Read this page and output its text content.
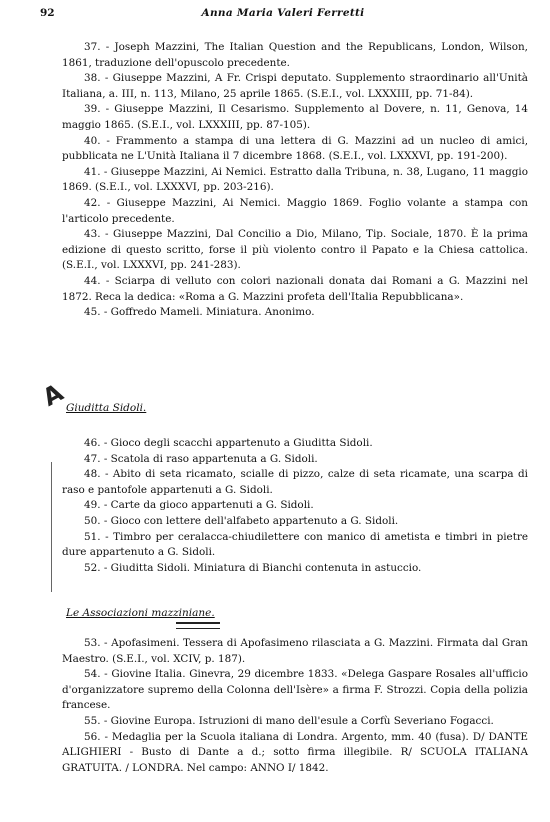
92	Anna Maria Valeri Ferretti

37. - Joseph Mazzini, The Italian Question and the Republicans, London, Wilson, 1861, traduzione dell'opuscolo precedente.

38. - Giuseppe Mazzini, A Fr. Crispi deputato. Supplemento straordinario all'Unità Italiana, a. III, n. 113, Milano, 25 aprile 1865. (S.E.I., vol. LXXXIII, pp. 71-84).

39. - Giuseppe Mazzini, Il Cesarismo. Supplemento al Dovere, n. 11, Genova, 14 maggio 1865. (S.E.I., vol. LXXXIII, pp. 87-105).

40. - Frammento a stampa di una lettera di G. Mazzini ad un nucleo di amici, pubblicata ne L'Unità Italiana il 7 dicembre 1868. (S.E.I., vol. LXXXVI, pp. 191-200).

41. - Giuseppe Mazzini, Ai Nemici. Estratto dalla Tribuna, n. 38, Lugano, 11 maggio 1869. (S.E.I., vol. LXXXVI, pp. 203-216).

42. - Giuseppe Mazzini, Ai Nemici. Maggio 1869. Foglio volante a stampa con l'articolo precedente.

43. - Giuseppe Mazzini, Dal Concilio a Dio, Milano, Tip. Sociale, 1870. È la prima edizione di questo scritto, forse il più violento contro il Papato e la Chiesa cattolica. (S.E.I., vol. LXXXVI, pp. 241-283).

44. - Sciarpa di velluto con colori nazionali donata dai Romani a G. Mazzini nel 1872. Reca la dedica: «Roma a G. Mazzini profeta dell'Italia Repubblicana».

45. - Goffredo Mameli. Miniatura. Anonimo.

Giuditta Sidoli.
A

46. - Gioco degli scacchi appartenuto a Giuditta Sidoli.

47. - Scatola di raso appartenuta a G. Sidoli.

48. - Abito di seta ricamato, scialle di pizzo, calze di seta ricamate, una scarpa di raso e pantofole appartenuti a G. Sidoli.

49. - Carte da gioco appartenuti a G. Sidoli.

50. - Gioco con lettere dell'alfabeto appartenuto a G. Sidoli.

51. - Timbro per ceralacca-chiudilettere con manico di ametista e timbri in pietre dure appartenuto a G. Sidoli.

52. - Giuditta Sidoli. Miniatura di Bianchi contenuta in astuccio.

Le Associazioni mazziniane.

53. - Apofasimeni. Tessera di Apofasimeno rilasciata a G. Mazzini. Firmata dal Gran Maestro. (S.E.I., vol. XCIV, p. 187).

54. - Giovine Italia. Ginevra, 29 dicembre 1833. «Delega Gaspare Rosales all'ufficio d'organizzatore supremo della Colonna dell'Isère» a firma F. Strozzi. Copia della polizia francese.

55. - Giovine Europa. Istruzioni di mano dell'esule a Corfù Severiano Fogacci.

56. - Medaglia per la Scuola italiana di Londra. Argento, mm. 40 (fusa). D/ DANTE ALIGHIERI - Busto di Dante a d.; sotto firma illegibile. R/ SCUOLA ITALIANA GRATUITA. / LONDRA. Nel campo: ANNO I/ 1842.
